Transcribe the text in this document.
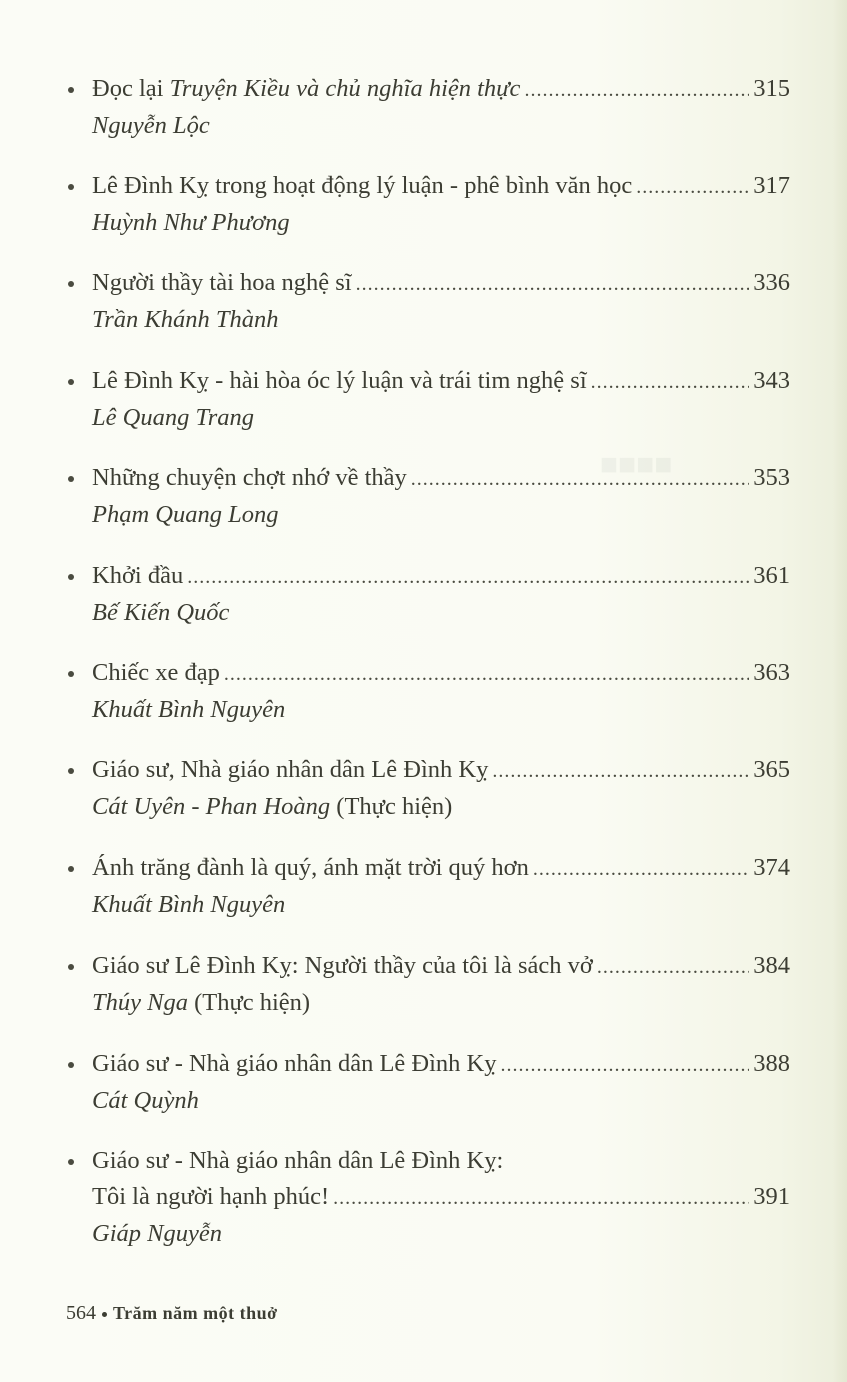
■■■■
Đọc lại Truyện Kiều và chủ nghĩa hiện thực .....	315
Nguyễn Lộc
Lê Đình Kỵ trong hoạt động lý luận - phê bình văn học .....	317
Huỳnh Như Phương
Người thầy tài hoa nghệ sĩ .....	336
Trần Khánh Thành
Lê Đình Kỵ - hài hòa óc lý luận và trái tim nghệ sĩ .....	343
Lê Quang Trang
Những chuyện chợt nhớ về thầy .....	353
Phạm Quang Long
Khởi đầu .....	361
Bế Kiến Quốc
Chiếc xe đạp .....	363
Khuất Bình Nguyên
Giáo sư, Nhà giáo nhân dân Lê Đình Kỵ .....	365
Cát Uyên - Phan Hoàng (Thực hiện)
Ánh trăng đành là quý, ánh mặt trời quý hơn .....	374
Khuất Bình Nguyên
Giáo sư Lê Đình Kỵ: Người thầy của tôi là sách vở .....	384
Thúy Nga (Thực hiện)
Giáo sư - Nhà giáo nhân dân Lê Đình Kỵ .....	388
Cát Quỳnh
Giáo sư - Nhà giáo nhân dân Lê Đình Kỵ:
Tôi là người hạnh phúc! .....	391
Giáp Nguyễn
564 Trăm năm một thuở
